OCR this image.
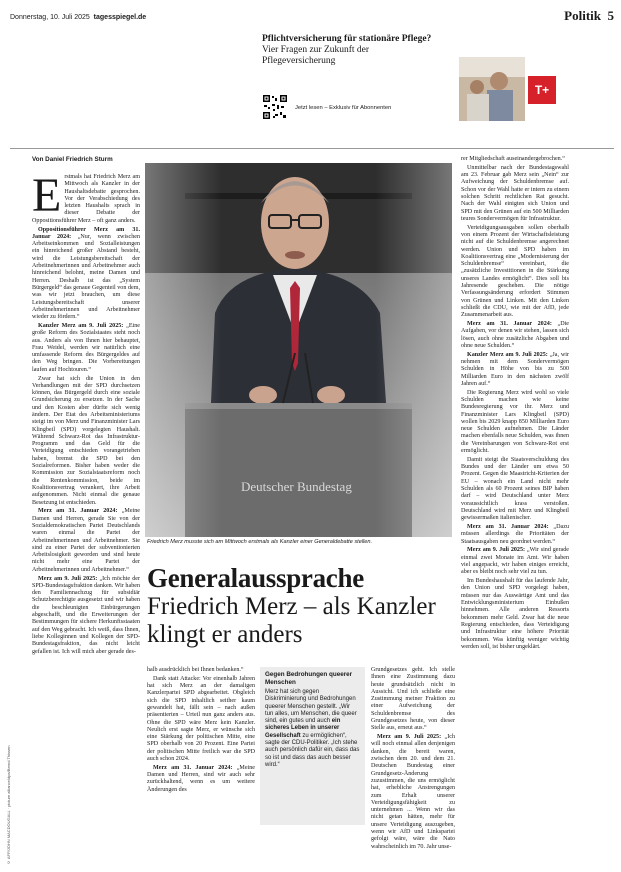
Donnerstag, 10. Juli 2025 tagesspiegel.de	Politik 5
Pflichtversicherung für stationäre Pflege?
Vier Fragen zur Zukunft der Pflegeversicherung
Jetzt lesen – Exklusiv für Abonnenten
T+
Von Daniel Friedrich Sturm

Erstmals hat Friedrich Merz am Mittwoch als Kanzler in der Haushaltsdebatte gesprochen. Vor der Verabschiedung des letzten Haushalts sprach in dieser Debatte der Oppositionsführer Merz – oft ganz anders.

Oppositionsführer Merz am 31. Januar 2024: „Nur, wenn zwischen Arbeitseinkommen und Sozialleistungen ein hinreichend großer Abstand besteht, wird die Leistungsbereitschaft der Arbeitnehmerinnen und Arbeitnehmer auch hinreichend belohnt, meine Damen und Herren. Deshalb ist das „System Bürgergeld“ das genaue Gegenteil von dem, was wir jetzt brauchen, um diese Leistungsbereitschaft unserer Arbeitnehmerinnen und Arbeitnehmer wieder zu fördern.“

Kanzler Merz am 9. Juli 2025: „Eine große Reform des Sozialstaates steht noch aus. Anders als von Ihnen hier behauptet, Frau Weidel, werden wir natürlich eine umfassende Reform des Bürgergeldes auf den Weg bringen. Die Vorbereitungen laufen auf Hochtouren.“

Zwar hat sich die Union in den Verhandlungen mit der SPD durchsetzen können, das Bürgergeld durch eine soziale Grundsicherung zu ersetzen. In der Sache und den Kosten aber dürfte sich wenig ändern. Der Etat des Arbeitsministeriums steigt im von Merz und Finanzminister Lars Klingbeil (SPD) vorgelegten Haushalt. Während Schwarz-Rot das Infrastruktur-Programm und das Geld für die Verteidigung entschieden vorangetrieben haben, bremst die SPD bei den Sozialreformen. Bisher haben weder die Kommission zur Sozialstaatsreform noch die Rentenkommission, beide im Koalitionsvertrag verankert, ihre Arbeit aufgenommen. Nicht einmal die genaue Besetzung ist entschieden.

Merz am 31. Januar 2024: „Meine Damen und Herren, gerade Sie von der Sozialdemokratischen Partei Deutschlands waren einmal die Partei der Arbeitnehmerinnen und Arbeitnehmer. Sie sind zu einer Partei der subventionierten Arbeitslosigkeit geworden und sind heute nicht mehr eine Partei der Arbeitnehmerinnen und Arbeitnehmer.“

Merz am 9. Juli 2025: „Ich möchte der SPD-Bundestagsfraktion danken. Wir haben den Familiennachzug für subsidiär Schutzberechtigte ausgesetzt und wir haben die beschleunigten Einbürgerungen abgeschafft, und die Erweiterungen der Bestimmungen für sichere Herkunftsstaaten auf den Weg gebracht. Ich weiß, dass Ihnen, liebe Kolleginnen und Kollegen der SPD-Bundestagsfraktion, das nicht leicht gefallen ist. Ich will mich aber gerade des-

Deutscher Bundestag
© AFP/JOHN MACDOUGALL · picture alliance/dpa/Bernd Thissen
Friedrich Merz musste sich am Mittwoch erstmals als Kanzler einer Generaldebatte stellen.
Generalaussprache
Friedrich Merz – als Kanzler klingt er anders

halb ausdrücklich bei Ihnen bedanken.“

Dank statt Attacke: Vor einenhalb Jahren hat sich Merz an der damaligen Kanzlerpartei SPD abgearbeitet. Obgleich sich die SPD inhaltlich seither kaum gewandelt hat, fällt sein – nach außen präsentierten – Urteil nun ganz anders aus. Ohne die SPD wäre Merz kein Kanzler. Neulich erst sagte Merz, er wünsche sich eine Stärkung der politischen Mitte, eine SPD oberhalb von 20 Prozent. Eine Partei der politischen Mitte freilich war die SPD auch schon 2024.

Merz am 31. Januar 2024: „Meine Damen und Herren, sind wir auch sehr zurückhaltend, wenn es um weitere Änderungen des

Gegen Bedrohungen queerer Menschen
Merz hat sich gegen Diskriminierung und Bedrohungen queerer Menschen gestellt. „Wir tun alles, um Menschen, die queer sind, ein gutes und auch ein sicheres Leben in unserer Gesellschaft zu ermöglichen“, sagte der CDU-Politiker. „Ich stehe auch persönlich dafür ein, dass das so ist und dass das auch besser wird.“

Grundgesetzes geht. Ich stelle Ihnen eine Zustimmung dazu heute grundsätzlich nicht in Aussicht. Und ich schließe eine Zustimmung meiner Fraktion zu einer Aufweichung der Schuldenbremse des Grundgesetzes heute, von dieser Stelle aus, erneut aus.“

Merz am 9. Juli 2025: „Ich will noch einmal allen denjenigen danken, die bereit waren, zwischen dem 20. und dem 21. Deutschen Bundestag einer Grundgesetz-Änderung zuzustimmen, die uns ermöglicht hat, erhebliche Anstrengungen zum Erhalt unserer Verteidigungsfähigkeit zu unternehmen ... Wenn wir das nicht getan hätten, mehr für unsere Verteidigung auszugeben, wenn wir AfD und Linkspartei gefolgt wäre, wäre die Nato wahrscheinlich im 70. Jahr unse-

rer Mitgliedschaft auseinandergebrochen.“

Unmittelbar nach der Bundestagswahl am 23. Februar gab Merz sein „Nein“ zur Aufweichung der Schuldenbremse auf. Schon vor der Wahl hatte er intern zu einem solchen Schritt rechtlichen Rat gesucht. Nach der Wahl einigten sich Union und SPD mit den Grünen auf ein 500 Milliarden teures Sondervermögen für Infrastruktur.

Verteidigungsausgaben sollen oberhalb von einem Prozent der Wirtschaftsleistung nicht auf die Schuldenbremse angerechnet werden. Union und SPD haben im Koalitionsvertrag eine „Modernisierung der Schuldenbremse“ vereinbart, die „zusätzliche Investitionen in die Stärkung unseres Landes ermöglicht“. Dies soll bis Jahresende geschehen. Die nötige Verfassungsänderung erfordert Stimmen von Grünen und Linken. Mit den Linken schließt die CDU, wie mit der AfD, jede Zusammenarbeit aus.

Merz am 31. Januar 2024: „Die Aufgaben, vor denen wir stehen, lassen sich lösen, auch ohne zusätzliche Abgaben und ohne neue Schulden.“

Kanzler Merz am 9. Juli 2025: „Ja, wir nehmen mit dem Sondervermögen Schulden in Höhe von bis zu 500 Milliarden Euro in den nächsten zwölf Jahren auf.“

Die Regierung Merz wird wohl so viele Schulden machen wie keine Bundesregierung vor ihr. Merz und Finanzminister Lars Klingbeil (SPD) wollen bis 2029 knapp 850 Milliarden Euro neue Schulden aufnehmen. Die Länder machen ebenfalls neue Schulden, was ihnen die Vereinbarungen von Schwarz-Rot erst ermöglicht.

Damit steigt die Staatsverschuldung des Bundes und der Länder um etwa 50 Prozent. Gegen die Maastricht-Kriterien der EU – wonach ein Land nicht mehr Schulden als 60 Prozent seines BIP haben darf – wird Deutschland unter Merz voraussichtlich krass verstoßen. Deutschland wird mit Merz und Klingbeil gewissermaßen italienischer.

Merz am 31. Januar 2024: „Dazu müssen allerdings die Prioritäten der Staatsausgaben neu geordnet werden.“

Merz am 9. Juli 2025: „Wir sind gerade einmal zwei Monate im Amt. Wir haben viel angepackt, wir haben einiges erreicht, aber es bleibt noch sehr viel zu tun.

Im Bundeshaushalt für das laufende Jahr, den Union und SPD vorgelegt haben, müssen nur das Auswärtige Amt und das Entwicklungsministerium Einbußen hinnehmen. Alle anderen Ressorts bekommen mehr Geld. Zwar hat die neue Regierung entschieden, dass Verteidigung und Infrastruktur eine höhere Priorität bekommen. Was künftig weniger wichtig werden soll, ist bisher ungeklärt.
